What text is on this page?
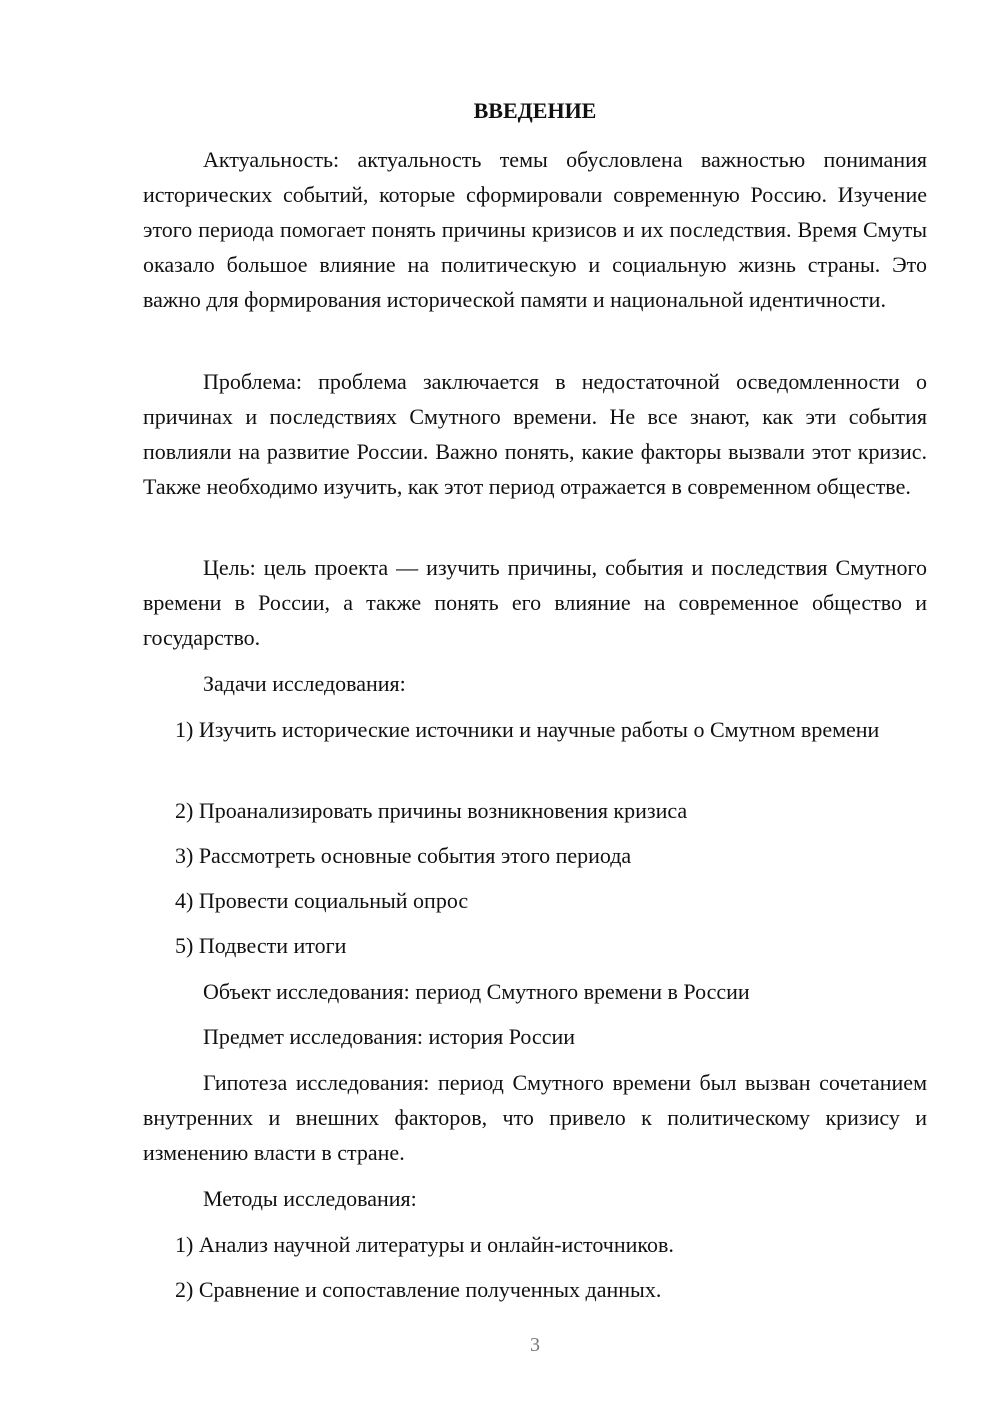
ВВЕДЕНИЕ

Актуальность: актуальность темы обусловлена важностью понимания исторических событий, которые сформировали современную Россию. Изучение этого периода помогает понять причины кризисов и их последствия. Время Смуты оказало большое влияние на политическую и социальную жизнь страны. Это важно для формирования исторической памяти и национальной идентичности.

Проблема: проблема заключается в недостаточной осведомленности о причинах и последствиях Смутного времени. Не все знают, как эти события повлияли на развитие России. Важно понять, какие факторы вызвали этот кризис. Также необходимо изучить, как этот период отражается в современном обществе.

Цель: цель проекта — изучить причины, события и последствия Смутного времени в России, а также понять его влияние на современное общество и государство.

Задачи исследования:

1) Изучить исторические источники и научные работы о Смутном времени

2) Проанализировать причины возникновения кризиса

3) Рассмотреть основные события этого периода

4) Провести социальный опрос

5) Подвести итоги

Объект исследования: период Смутного времени в России

Предмет исследования: история России

Гипотеза исследования: период Смутного времени был вызван сочетанием внутренних и внешних факторов, что привело к политическому кризису и изменению власти в стране.

Методы исследования:

1) Анализ научной литературы и онлайн-источников.

2) Сравнение и сопоставление полученных данных.

3
